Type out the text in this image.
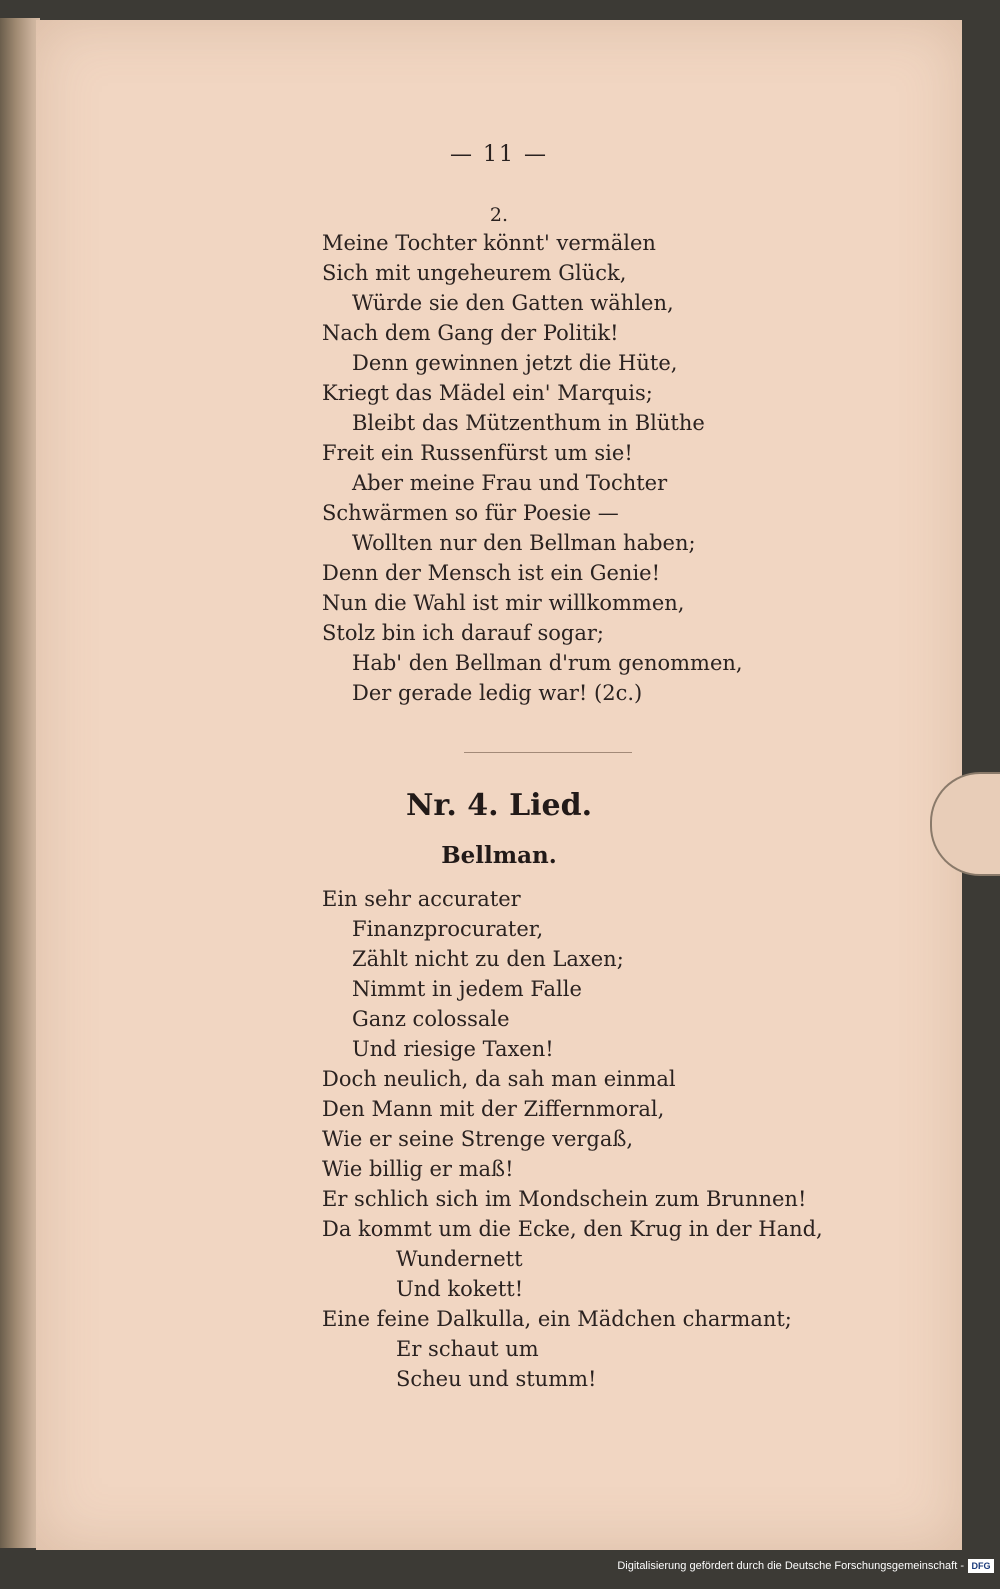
— 11 —
2.
Meine Tochter könnt' vermälen
Sich mit ungeheurem Glück,
Würde sie den Gatten wählen,
Nach dem Gang der Politik!
Denn gewinnen jetzt die Hüte,
Kriegt das Mädel ein' Marquis;
Bleibt das Mützenthum in Blüthe
Freit ein Russenfürst um sie!
Aber meine Frau und Tochter
Schwärmen so für Poesie —
Wollten nur den Bellman haben;
Denn der Mensch ist ein Genie!
Nun die Wahl ist mir willkommen,
Stolz bin ich darauf sogar;
Hab' den Bellman d'rum genommen,
Der gerade ledig war! (2c.)
Nr. 4. Lied.
Bellman.
Ein sehr accurater
Finanzprocurater,
Zählt nicht zu den Laxen;
Nimmt in jedem Falle
Ganz colossale
Und riesige Taxen!
Doch neulich, da sah man einmal
Den Mann mit der Ziffernmoral,
Wie er seine Strenge vergaß,
Wie billig er maß!
Er schlich sich im Mondschein zum Brunnen!
Da kommt um die Ecke, den Krug in der Hand,
Wundernett
Und kokett!
Eine feine Dalkulla, ein Mädchen charmant;
Er schaut um
Scheu und stumm!
Digitalisierung gefördert durch die Deutsche Forschungsgemeinschaft - DFG
